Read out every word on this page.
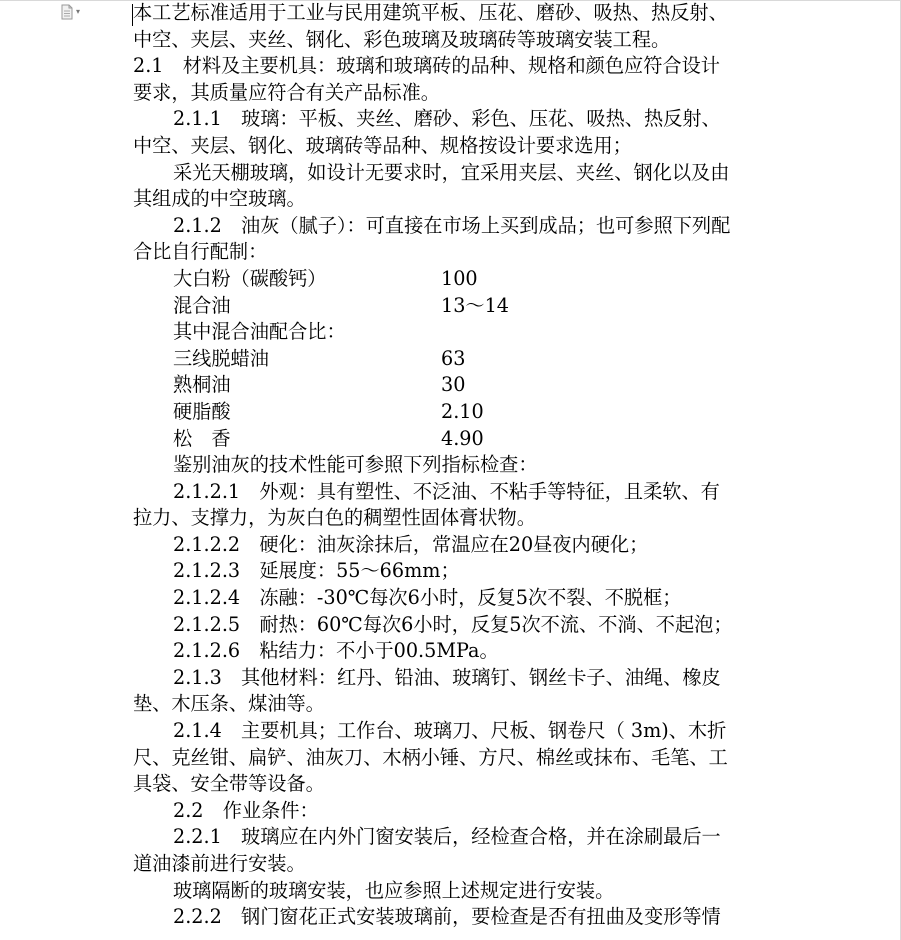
▾	本工艺标准适用于工业与民用建筑平板、压花、磨砂、吸热、热反射、
中空、夹层、夹丝、钢化、彩色玻璃及玻璃砖等玻璃安装工程。
2.1　材料及主要机具：玻璃和玻璃砖的品种、规格和颜色应符合设计
要求，其质量应符合有关产品标准。
2.1.1　玻璃：平板、夹丝、磨砂、彩色、压花、吸热、热反射、
中空、夹层、钢化、玻璃砖等品种、规格按设计要求选用；
采光天棚玻璃，如设计无要求时，宜采用夹层、夹丝、钢化以及由
其组成的中空玻璃。
2.1.2　油灰（腻子）：可直接在市场上买到成品；也可参照下列配
合比自行配制：
大白粉（碳酸钙）	100
混合油	13～14
其中混合油配合比：
三线脱蜡油	63
熟桐油	30
硬脂酸	2.10
松　香	4.90
鉴别油灰的技术性能可参照下列指标检查：
2.1.2.1　外观：具有塑性、不泛油、不粘手等特征，且柔软、有
拉力、支撑力，为灰白色的稠塑性固体膏状物。
2.1.2.2　硬化：油灰涂抹后，常温应在20昼夜内硬化；
2.1.2.3　延展度：55～66mm；
2.1.2.4　冻融：-30℃每次6小时，反复5次不裂、不脱框；
2.1.2.5　耐热：60℃每次6小时，反复5次不流、不淌、不起泡；
2.1.2.6　粘结力：不小于00.5MPa。
2.1.3　其他材料：红丹、铅油、玻璃钉、钢丝卡子、油绳、橡皮
垫、木压条、煤油等。
2.1.4　主要机具；工作台、玻璃刀、尺板、钢卷尺（ 3m)、木折
尺、克丝钳、扁铲、油灰刀、木柄小锤、方尺、棉丝或抹布、毛笔、工
具袋、安全带等设备。
2.2　作业条件：
2.2.1　玻璃应在内外门窗安装后，经检查合格，并在涂刷最后一
道油漆前进行安装。
玻璃隔断的玻璃安装，也应参照上述规定进行安装。
2.2.2　钢门窗花正式安装玻璃前，要检查是否有扭曲及变形等情
